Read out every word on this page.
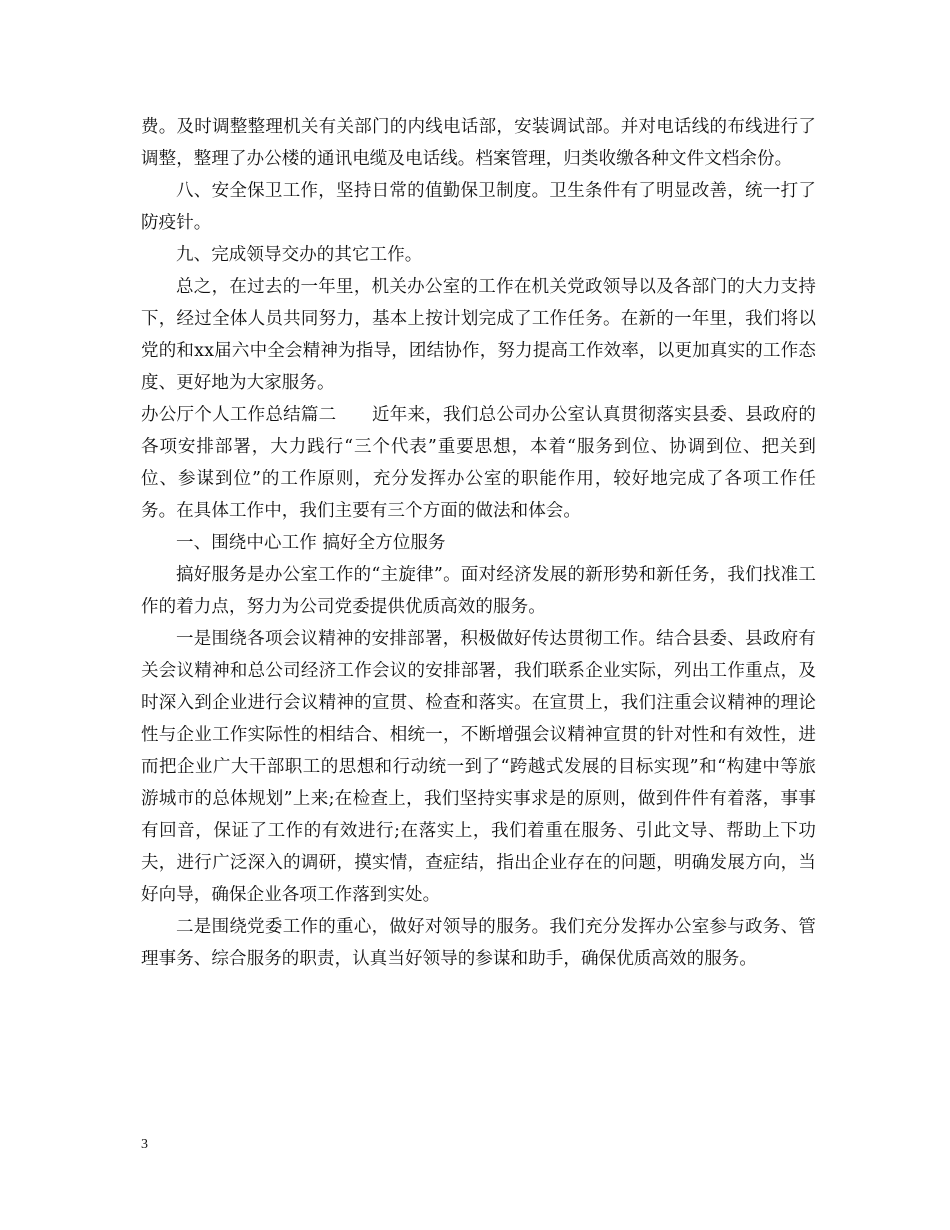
费。及时调整整理机关有关部门的内线电话部，安装调试部。并对电话线的布线进行了调整，整理了办公楼的通讯电缆及电话线。档案管理，归类收缴各种文件文档余份。

八、安全保卫工作，坚持日常的值勤保卫制度。卫生条件有了明显改善，统一打了防疫针。

九、完成领导交办的其它工作。

总之，在过去的一年里，机关办公室的工作在机关党政领导以及各部门的大力支持下，经过全体人员共同努力，基本上按计划完成了工作任务。在新的一年里，我们将以党的和xx届六中全会精神为指导，团结协作，努力提高工作效率，以更加真实的工作态度、更好地为大家服务。

办公厅个人工作总结篇二　　近年来，我们总公司办公室认真贯彻落实县委、县政府的各项安排部署，大力践行“三个代表”重要思想，本着“服务到位、协调到位、把关到位、参谋到位”的工作原则，充分发挥办公室的职能作用，较好地完成了各项工作任务。在具体工作中，我们主要有三个方面的做法和体会。

一、围绕中心工作 搞好全方位服务

搞好服务是办公室工作的“主旋律”。面对经济发展的新形势和新任务，我们找准工作的着力点，努力为公司党委提供优质高效的服务。

一是围绕各项会议精神的安排部署，积极做好传达贯彻工作。结合县委、县政府有关会议精神和总公司经济工作会议的安排部署，我们联系企业实际，列出工作重点，及时深入到企业进行会议精神的宣贯、检查和落实。在宣贯上，我们注重会议精神的理论性与企业工作实际性的相结合、相统一，不断增强会议精神宣贯的针对性和有效性，进而把企业广大干部职工的思想和行动统一到了“跨越式发展的目标实现”和“构建中等旅游城市的总体规划”上来;在检查上，我们坚持实事求是的原则，做到件件有着落，事事有回音，保证了工作的有效进行;在落实上，我们着重在服务、引此文导、帮助上下功夫，进行广泛深入的调研，摸实情，查症结，指出企业存在的问题，明确发展方向，当好向导，确保企业各项工作落到实处。

二是围绕党委工作的重心，做好对领导的服务。我们充分发挥办公室参与政务、管理事务、综合服务的职责，认真当好领导的参谋和助手，确保优质高效的服务。

3
